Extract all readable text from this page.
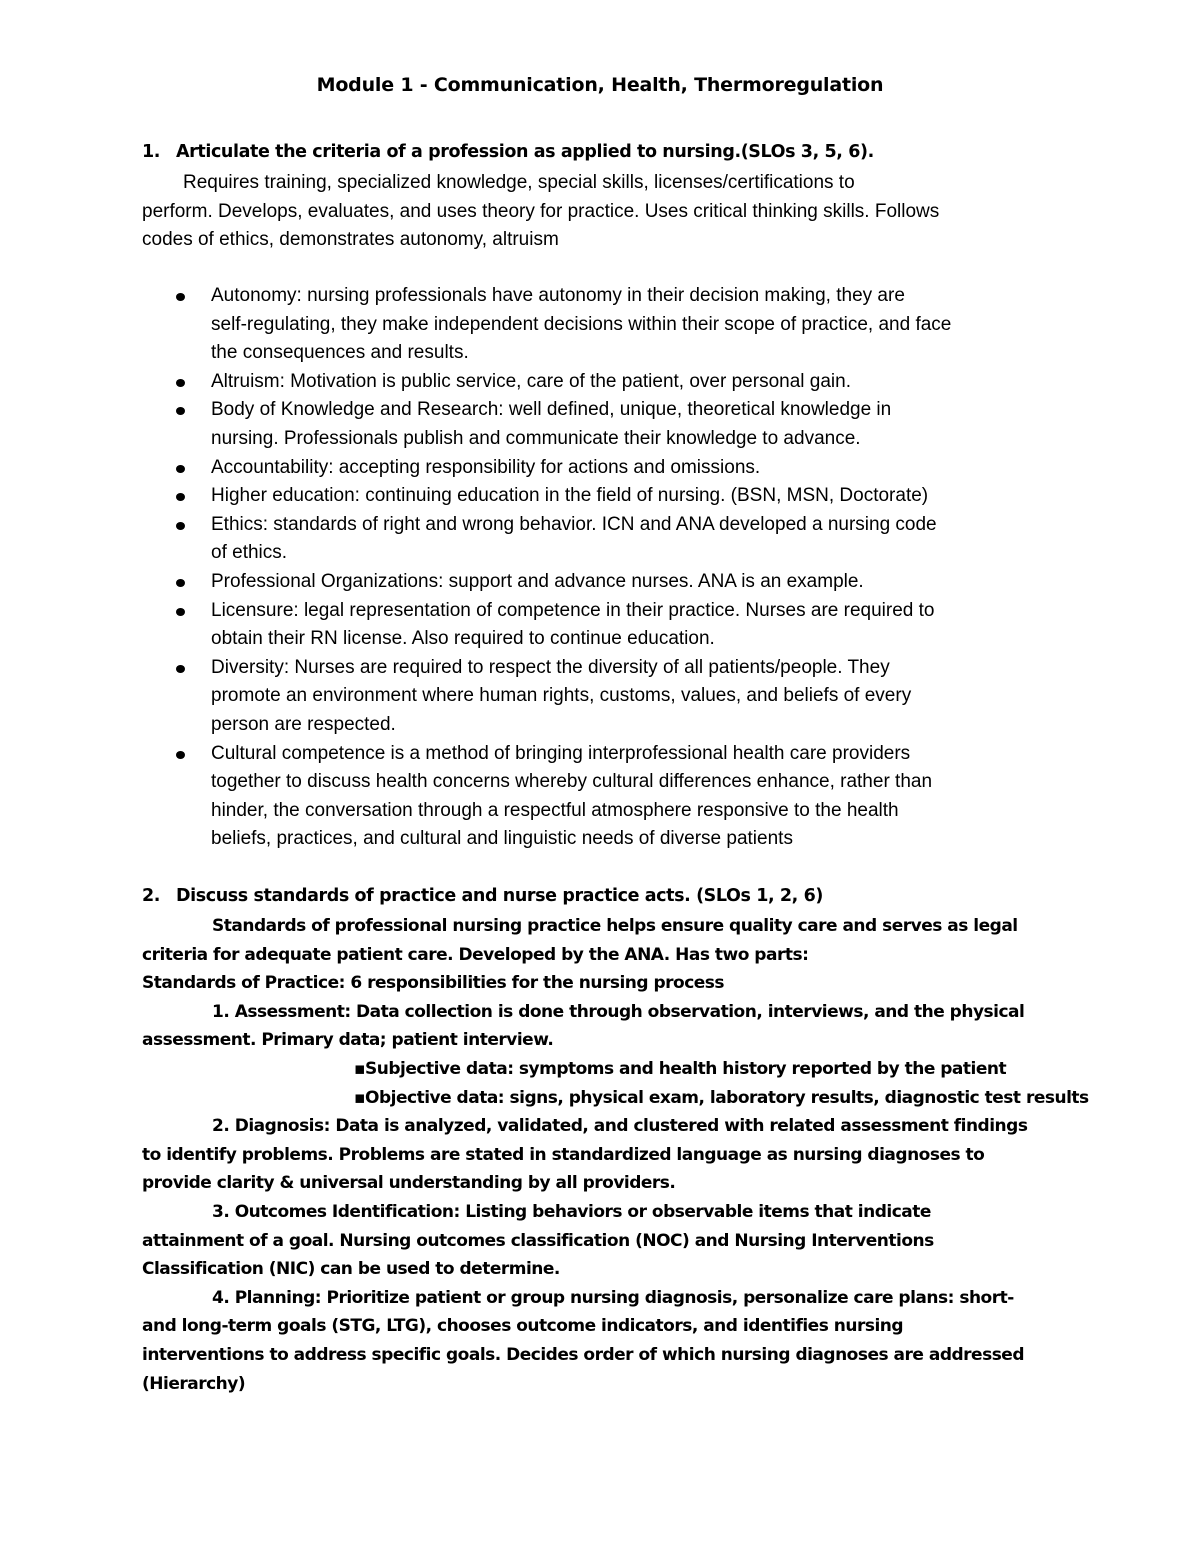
Module 1 - Communication, Health, Thermoregulation
1. Articulate the criteria of a profession as applied to nursing.(SLOs 3, 5, 6).
Requires training, specialized knowledge, special skills, licenses/certifications to
perform. Develops, evaluates, and uses theory for practice. Uses critical thinking skills. Follows
codes of ethics, demonstrates autonomy, altruism
Autonomy: nursing professionals have autonomy in their decision making, they are
self-regulating, they make independent decisions within their scope of practice, and face
the consequences and results.
Altruism: Motivation is public service, care of the patient, over personal gain.
Body of Knowledge and Research: well defined, unique, theoretical knowledge in
nursing. Professionals publish and communicate their knowledge to advance.
Accountability: accepting responsibility for actions and omissions.
Higher education: continuing education in the field of nursing. (BSN, MSN, Doctorate)
Ethics: standards of right and wrong behavior. ICN and ANA developed a nursing code
of ethics.
Professional Organizations: support and advance nurses. ANA is an example.
Licensure: legal representation of competence in their practice. Nurses are required to
obtain their RN license. Also required to continue education.
Diversity: Nurses are required to respect the diversity of all patients/people. They
promote an environment where human rights, customs, values, and beliefs of every
person are respected.
Cultural competence is a method of bringing interprofessional health care providers
together to discuss health concerns whereby cultural differences enhance, rather than
hinder, the conversation through a respectful atmosphere responsive to the health
beliefs, practices, and cultural and linguistic needs of diverse patients
2. Discuss standards of practice and nurse practice acts. (SLOs 1, 2, 6)
Standards of professional nursing practice helps ensure quality care and serves as legal
criteria for adequate patient care. Developed by the ANA. Has two parts:
Standards of Practice: 6 responsibilities for the nursing process
1. Assessment: Data collection is done through observation, interviews, and the physical
assessment. Primary data; patient interview.
▪Subjective data: symptoms and health history reported by the patient
▪Objective data: signs, physical exam, laboratory results, diagnostic test results
2. Diagnosis: Data is analyzed, validated, and clustered with related assessment findings
to identify problems. Problems are stated in standardized language as nursing diagnoses to
provide clarity & universal understanding by all providers.
3. Outcomes Identification: Listing behaviors or observable items that indicate
attainment of a goal. Nursing outcomes classification (NOC) and Nursing Interventions
Classification (NIC) can be used to determine.
4. Planning: Prioritize patient or group nursing diagnosis, personalize care plans: short-
and long-term goals (STG, LTG), chooses outcome indicators, and identifies nursing
interventions to address specific goals. Decides order of which nursing diagnoses are addressed
(Hierarchy)
